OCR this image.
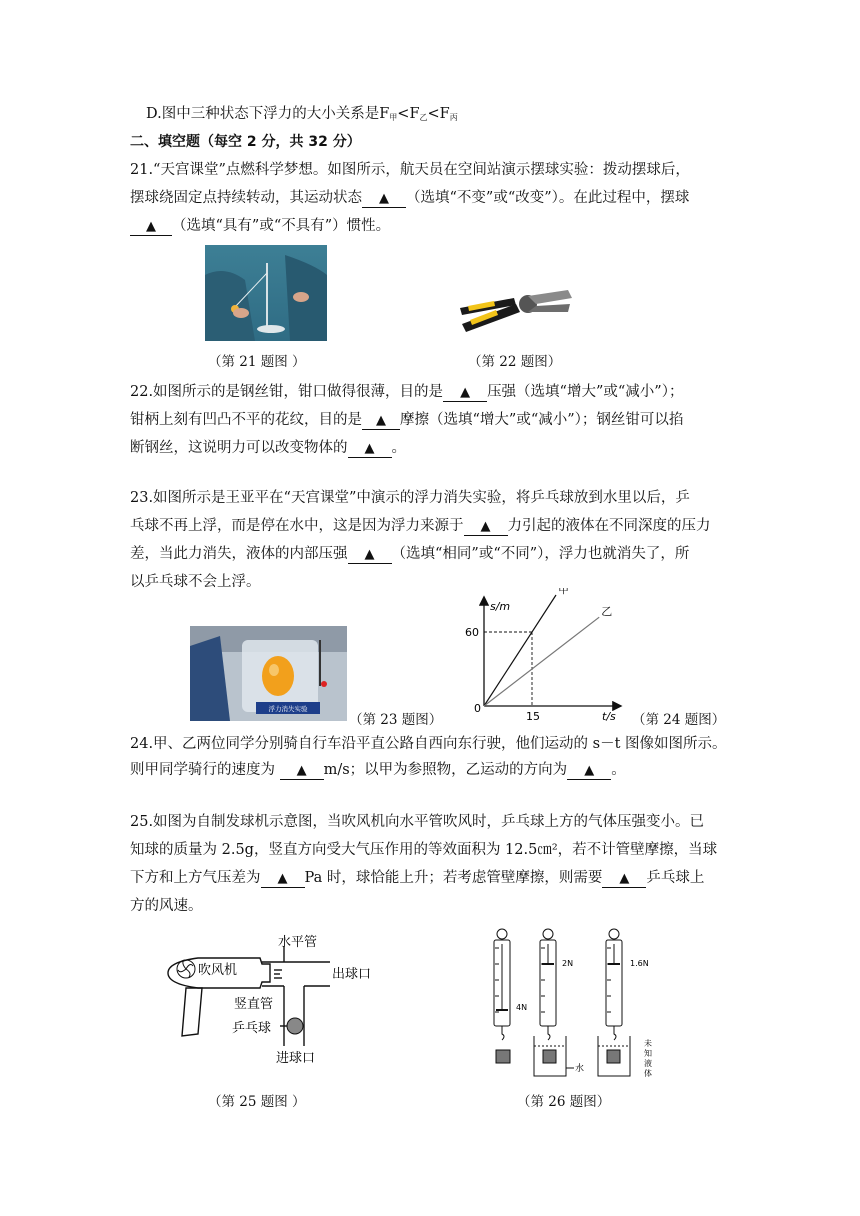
D.图中三种状态下浮力的大小关系是$F_甲<F_乙<F_丙$
二、填空题（每空 2 分，共 32 分）
21.“天宫课堂”点燃科学梦想。如图所示，航天员在空间站演示摆球实验：拨动摆球后，
摆球绕固定点持续转动，其运动状态 ▲ （选填“不变”或“改变”）。在此过程中，摆球
▲ （选填“具有”或“不具有”）惯性。
（第 21 题图 ）	（第 22 题图）
22.如图所示的是钢丝钳，钳口做得很薄，目的是 ▲ 压强（选填“增大”或“减小”）；
钳柄上刻有凹凸不平的花纹，目的是 ▲ 摩擦（选填“增大”或“减小”）；钢丝钳可以掐
断钢丝，这说明力可以改变物体的 ▲ 。
23.如图所示是王亚平在“天宫课堂”中演示的浮力消失实验，将乒乓球放到水里以后，乒
乓球不再上浮，而是停在水中，这是因为浮力来源于 ▲ 力引起的液体在不同深度的压力
差，当此力消失，液体的内部压强 ▲ （选填“相同”或“不同”），浮力也就消失了，所
以乒乓球不会上浮。
浮力消失实验
（第 23 题图）
s/m
t/s
0
15
60
甲
乙
（第 24 题图）
24.甲、乙两位同学分别骑自行车沿平直公路自西向东行驶，他们运动的 s－t 图像如图所示。
则甲同学骑行的速度为 ▲ m/s；以甲为参照物，乙运动的方向为 ▲ 。
25.如图为自制发球机示意图，当吹风机向水平管吹风时，乒乓球上方的气体压强变小。已
知球的质量为 2.5g，竖直方向受大气压作用的等效面积为 12.5㎝²，若不计管壁摩擦，当球
下方和上方气压差为 ▲ Pa 时，球恰能上升；若考虑管壁摩擦，则需要 ▲ 乒乓球上
方的风速。
水平管
吹风机	出球口
竖直管
乒乓球
进球口
（第 25 题图 ）
4N
2N	1.6N
水
未
知
液
体
（第 26 题图）
